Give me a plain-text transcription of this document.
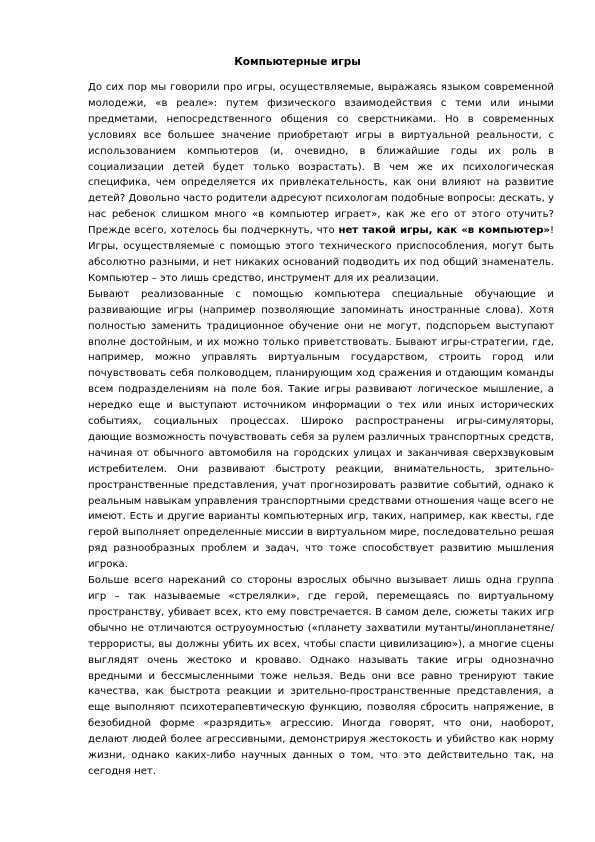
Компьютерные игры

До сих пор мы говорили про игры, осуществляемые, выражаясь языком современной молодежи, «в реале»: путем физического взаимодействия с теми или иными предметами, непосредственного общения со сверстниками. Но в современных условиях все большее значение приобретают игры в виртуальной реальности, с использованием компьютеров (и, очевидно, в ближайшие годы их роль в социализации детей будет только возрастать). В чем же их психологическая специфика, чем определяется их привлекательность, как они влияют на развитие детей? Довольно часто родители адресуют психологам подобные вопросы: дескать, у нас ребенок слишком много «в компьютер играет», как же его от этого отучить? Прежде всего, хотелось бы подчеркнуть, что нет такой игры, как «в компьютер»! Игры, осуществляемые с помощью этого технического приспособления, могут быть абсолютно разными, и нет никаких оснований подводить их под общий знаменатель. Компьютер – это лишь средство, инструмент для их реализации.

Бывают реализованные с помощью компьютера специальные обучающие и развивающие игры (например позволяющие запоминать иностранные слова). Хотя полностью заменить традиционное обучение они не могут, подспорьем выступают вполне достойным, и их можно только приветствовать. Бывают игры-стратегии, где, например, можно управлять виртуальным государством, строить город или почувствовать себя полководцем, планирующим ход сражения и отдающим команды всем подразделениям на поле боя. Такие игры развивают логическое мышление, а нередко еще и выступают источником информации о тех или иных исторических событиях, социальных процессах. Широко распространены игры-симуляторы, дающие возможность почувствовать себя за рулем различных транспортных средств, начиная от обычного автомобиля на городских улицах и заканчивая сверхзвуковым истребителем. Они развивают быстроту реакции, внимательность, зрительно-пространственные представления, учат прогнозировать развитие событий, однако к реальным навыкам управления транспортными средствами отношения чаще всего не имеют. Есть и другие варианты компьютерных игр, таких, например, как квесты, где герой выполняет определенные миссии в виртуальном мире, последовательно решая ряд разнообразных проблем и задач, что тоже способствует развитию мышления игрока.

Больше всего нареканий со стороны взрослых обычно вызывает лишь одна группа игр – так называемые «стрелялки», где герой, перемещаясь по виртуальному пространству, убивает всех, кто ему повстречается. В самом деле, сюжеты таких игр обычно не отличаются оструоумностью («планету захватили мутанты/инопланетяне/ террористы, вы должны убить их всех, чтобы спасти цивилизацию»), а многие сцены выглядят очень жестоко и кроваво. Однако называть такие игры однозначно вредными и бессмысленными тоже нельзя. Ведь они все равно тренируют такие качества, как быстрота реакции и зрительно-пространственные представления, а еще выполняют психотерапевтическую функцию, позволяя сбросить напряжение, в безобидной форме «разрядить» агрессию. Иногда говорят, что они, наоборот, делают людей более агрессивными, демонстрируя жестокость и убийство как норму жизни, однако каких-либо научных данных о том, что это действительно так, на сегодня нет.
